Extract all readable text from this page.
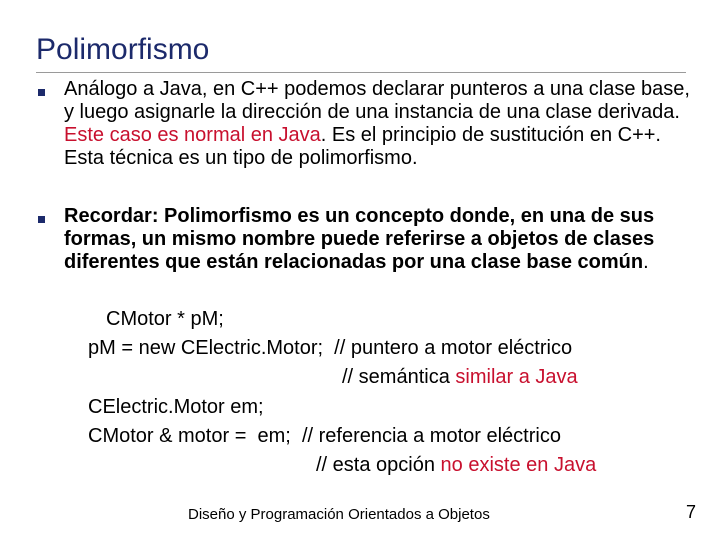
Polimorfismo
Análogo a Java, en C++ podemos declarar punteros a una clase base, y luego asignarle la dirección de una instancia de una clase derivada. Este caso es normal en Java. Es el principio de sustitución en C++. Esta técnica es un tipo de polimorfismo.
Recordar: Polimorfismo es un concepto donde, en una de sus formas, un mismo nombre puede referirse a objetos de clases diferentes que están relacionadas por una clase base común.
CMotor * pM;
pM = new CElectric.Motor;  // puntero a motor eléctrico
// semántica similar a Java
CElectric.Motor em;
CMotor & motor =  em;  // referencia a motor eléctrico
// esta opción no existe en Java
Diseño y Programación Orientados a Objetos	7
